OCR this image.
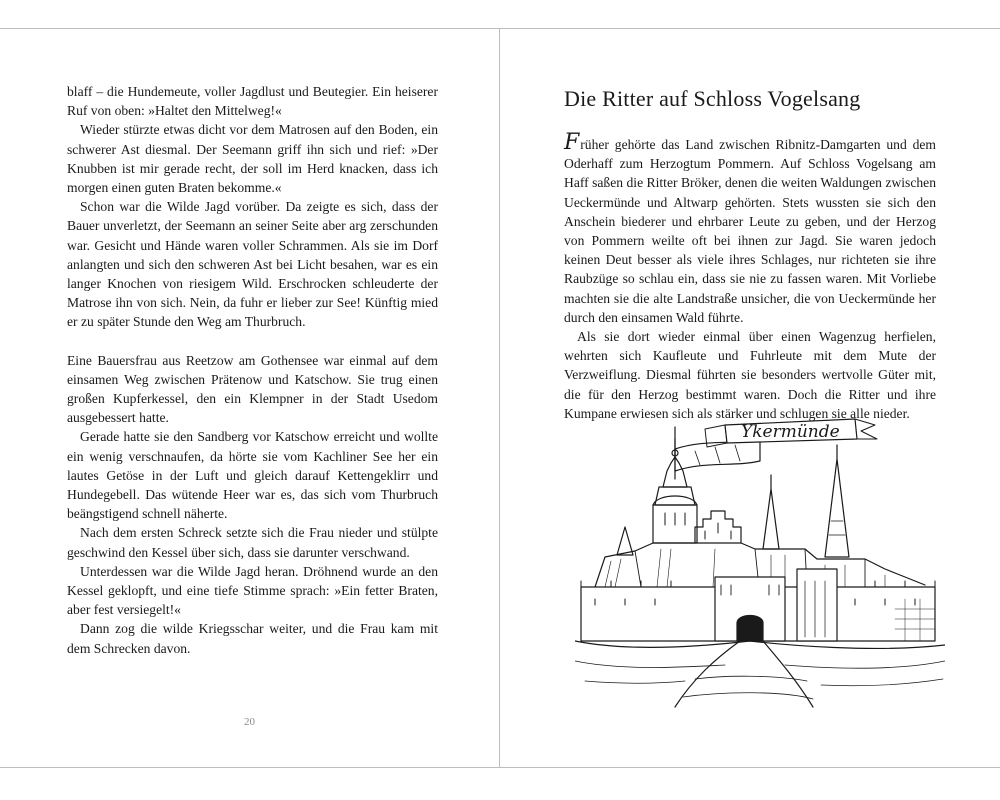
blaff – die Hundemeute, voller Jagdlust und Beutegier. Ein heiserer Ruf von oben: »Haltet den Mittelweg!«

Wieder stürzte etwas dicht vor dem Matrosen auf den Boden, ein schwerer Ast diesmal. Der Seemann griff ihn sich und rief: »Der Knubben ist mir gerade recht, der soll im Herd knacken, dass ich morgen einen guten Braten bekomme.«

Schon war die Wilde Jagd vorüber. Da zeigte es sich, dass der Bauer unverletzt, der Seemann an seiner Seite aber arg zerschunden war. Gesicht und Hände waren voller Schrammen. Als sie im Dorf anlangten und sich den schweren Ast bei Licht besahen, war es ein langer Knochen von riesigem Wild. Erschrocken schleuderte der Matrose ihn von sich. Nein, da fuhr er lieber zur See! Künftig mied er zu später Stunde den Weg am Thurbruch.

Eine Bauersfrau aus Reetzow am Gothensee war einmal auf dem einsamen Weg zwischen Prätenow und Katschow. Sie trug einen großen Kupferkessel, den ein Klempner in der Stadt Usedom ausgebessert hatte.

Gerade hatte sie den Sandberg vor Katschow erreicht und wollte ein wenig verschnaufen, da hörte sie vom Kachliner See her ein lautes Getöse in der Luft und gleich darauf Kettengeklirr und Hundegebell. Das wütende Heer war es, das sich vom Thurbruch beängstigend schnell näherte.

Nach dem ersten Schreck setzte sich die Frau nieder und stülpte geschwind den Kessel über sich, dass sie darunter verschwand.

Unterdessen war die Wilde Jagd heran. Dröhnend wurde an den Kessel geklopft, und eine tiefe Stimme sprach: »Ein fetter Braten, aber fest versiegelt!«

Dann zog die wilde Kriegsschar weiter, und die Frau kam mit dem Schrecken davon.

20
Die Ritter auf Schloss Vogelsang

Früher gehörte das Land zwischen Ribnitz-Damgarten und dem Oderhaff zum Herzogtum Pommern. Auf Schloss Vogelsang am Haff saßen die Ritter Bröker, denen die weiten Waldungen zwischen Ueckermünde und Altwarp gehörten. Stets wussten sie sich den Anschein biederer und ehrbarer Leute zu geben, und der Herzog von Pommern weilte oft bei ihnen zur Jagd. Sie waren jedoch keinen Deut besser als viele ihres Schlages, nur richteten sie ihre Raubzüge so schlau ein, dass sie nie zu fassen waren. Mit Vorliebe machten sie die alte Landstraße unsicher, die von Ueckermünde her durch den einsamen Wald führte.

Als sie dort wieder einmal über einen Wagenzug herfielen, wehrten sich Kaufleute und Fuhrleute mit dem Mute der Verzweiflung. Diesmal führten sie besonders wertvolle Güter mit, die für den Herzog bestimmt waren. Doch die Ritter und ihre Kumpane erwiesen sich als stärker und schlugen sie alle nieder.

Ykermünde
